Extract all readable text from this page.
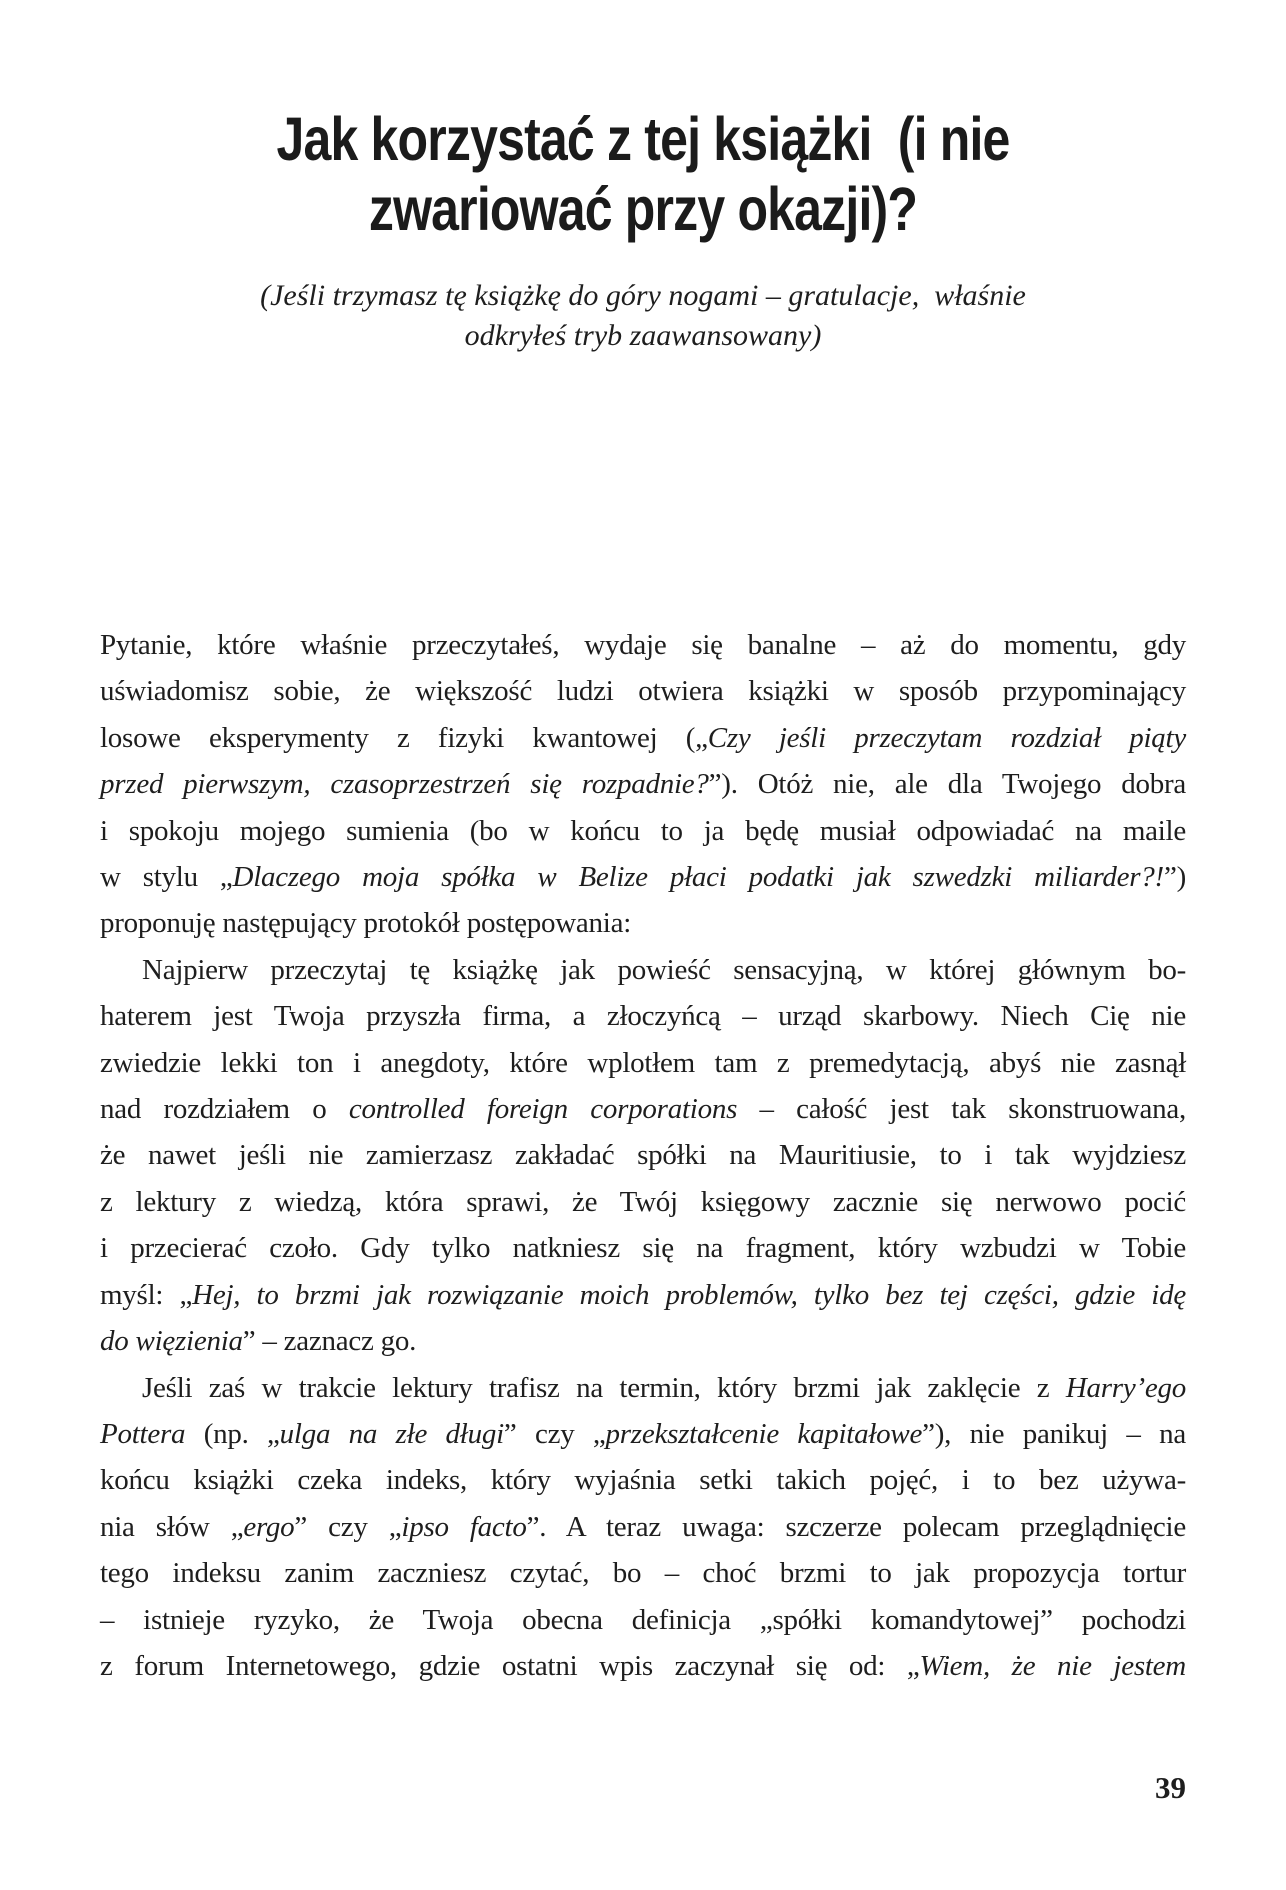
Jak korzystać z tej książki  (i nie
zwariować przy okazji)?
(Jeśli trzymasz tę książkę do góry nogami – gratulacje,  właśnie
odkryłeś tryb zaawansowany)
Pytanie, które właśnie przeczytałeś, wydaje się banalne – aż do momentu, gdy
uświadomisz sobie, że większość ludzi otwiera książki w sposób przypominający
losowe eksperymenty z fizyki kwantowej („Czy jeśli przeczytam rozdział piąty
przed pierwszym, czasoprzestrzeń się rozpadnie?”). Otóż nie, ale dla Twojego dobra
i spokoju mojego sumienia (bo w końcu to ja będę musiał odpowiadać na maile
w stylu „Dlaczego moja spółka w Belize płaci podatki jak szwedzki miliarder?!”)
proponuję następujący protokół postępowania:
Najpierw przeczytaj tę książkę jak powieść sensacyjną, w której głównym bo-
haterem jest Twoja przyszła firma, a złoczyńcą – urząd skarbowy. Niech Cię nie
zwiedzie lekki ton i anegdoty, które wplotłem tam z premedytacją, abyś nie zasnął
nad rozdziałem o controlled foreign corporations – całość jest tak skonstruowana,
że nawet jeśli nie zamierzasz zakładać spółki na Mauritiusie, to i tak wyjdziesz
z lektury z wiedzą, która sprawi, że Twój księgowy zacznie się nerwowo pocić
i przecierać czoło. Gdy tylko natkniesz się na fragment, który wzbudzi w Tobie
myśl: „Hej, to brzmi jak rozwiązanie moich problemów, tylko bez tej części, gdzie idę
do więzienia” – zaznacz go.
Jeśli zaś w trakcie lektury trafisz na termin, który brzmi jak zaklęcie z Harry’ego
Pottera (np. „ulga na złe długi” czy „przekształcenie kapitałowe”), nie panikuj – na
końcu książki czeka indeks, który wyjaśnia setki takich pojęć, i to bez używa-
nia słów „ergo” czy „ipso facto”. A teraz uwaga: szczerze polecam przeglądnięcie
tego indeksu zanim zaczniesz czytać, bo – choć brzmi to jak propozycja tortur
– istnieje ryzyko, że Twoja obecna definicja „spółki komandytowej” pochodzi
z forum Internetowego, gdzie ostatni wpis zaczynał się od: „Wiem, że nie jestem
39
